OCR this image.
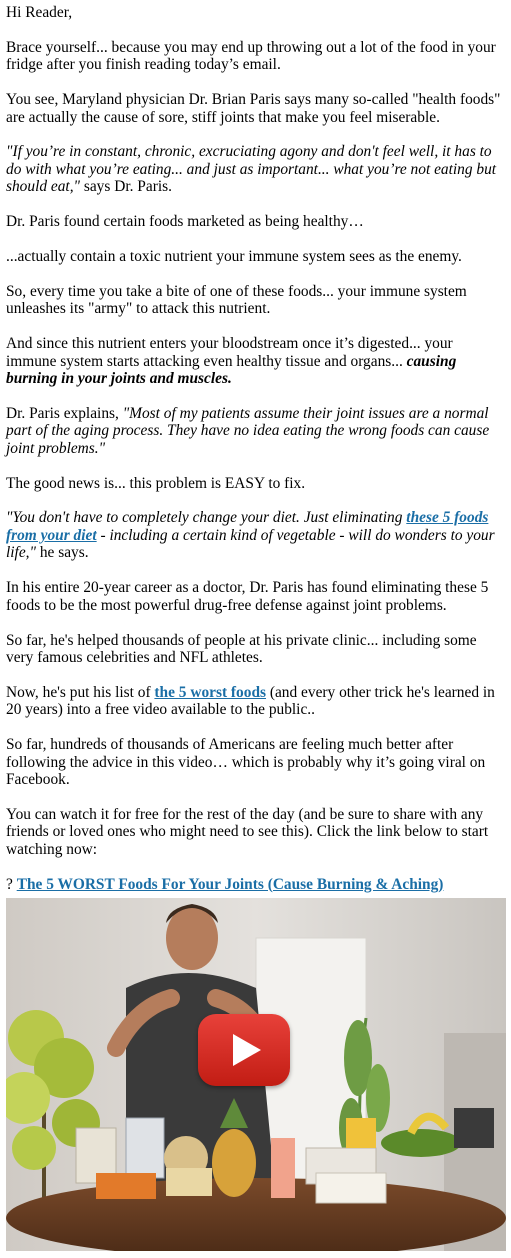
Hi Reader,

Brace yourself... because you may end up throwing out a lot of the food in your fridge after you finish reading today’s email.

You see, Maryland physician Dr. Brian Paris says many so-called "health foods" are actually the cause of sore, stiff joints that make you feel miserable.

"If you’re in constant, chronic, excruciating agony and don't feel well, it has to do with what you’re eating... and just as important... what you’re not eating but should eat," says Dr. Paris.

Dr. Paris found certain foods marketed as being healthy…

...actually contain a toxic nutrient your immune system sees as the enemy.

So, every time you take a bite of one of these foods... your immune system unleashes its "army" to attack this nutrient.

And since this nutrient enters your bloodstream once it’s digested... your immune system starts attacking even healthy tissue and organs... causing burning in your joints and muscles.

Dr. Paris explains, "Most of my patients assume their joint issues are a normal part of the aging process. They have no idea eating the wrong foods can cause joint problems."

The good news is... this problem is EASY to fix.

"You don't have to completely change your diet. Just eliminating these 5 foods from your diet - including a certain kind of vegetable - will do wonders to your life," he says.

In his entire 20-year career as a doctor, Dr. Paris has found eliminating these 5 foods to be the most powerful drug-free defense against joint problems.

So far, he's helped thousands of people at his private clinic... including some very famous celebrities and NFL athletes.

Now, he's put his list of the 5 worst foods (and every other trick he's learned in 20 years) into a free video available to the public..

So far, hundreds of thousands of Americans are feeling much better after following the advice in this video… which is probably why it’s going viral on Facebook.

You can watch it for free for the rest of the day (and be sure to share with any friends or loved ones who might need to see this). Click the link below to start watching now:

? The 5 WORST Foods For Your Joints (Cause Burning & Aching)
